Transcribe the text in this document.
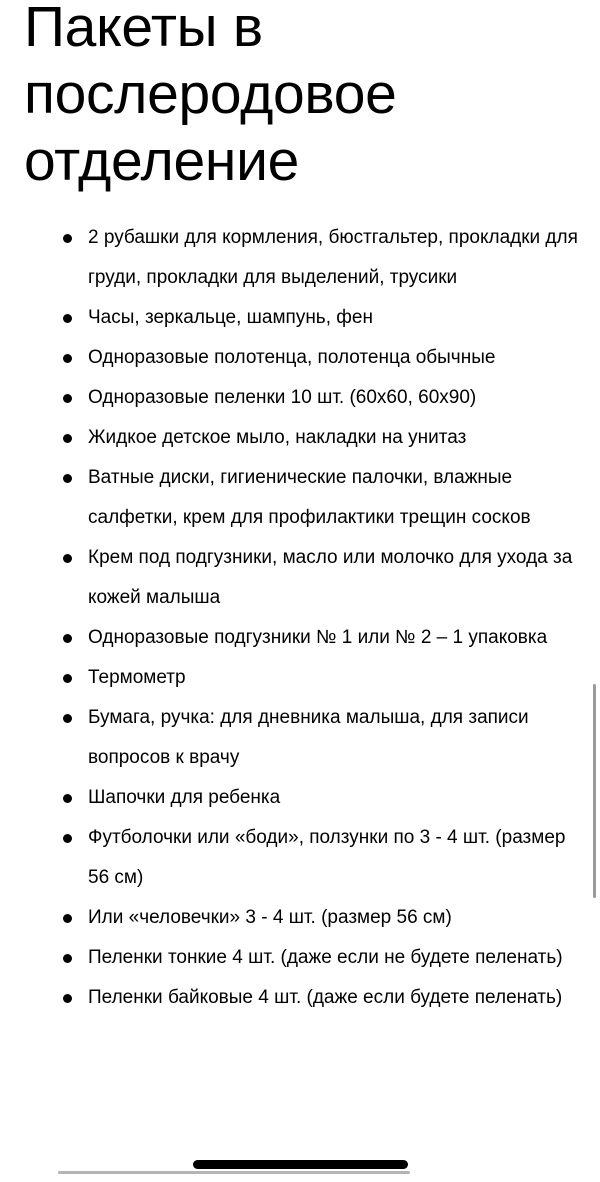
Пакеты в послеродовое отделение
2 рубашки для кормления, бюстгальтер, прокладки для груди, прокладки для выделений, трусики
Часы, зеркальце, шампунь, фен
Одноразовые полотенца, полотенца обычные
Одноразовые пеленки 10 шт. (60х60, 60х90)
Жидкое детское мыло, накладки на унитаз
Ватные диски, гигиенические палочки, влажные салфетки, крем для профилактики трещин сосков
Крем под подгузники, масло или молочко для ухода за кожей малыша
Одноразовые подгузники № 1 или № 2 – 1 упаковка
Термометр
Бумага, ручка: для дневника малыша, для записи вопросов к врачу
Шапочки для ребенка
Футболочки или «боди», ползунки по 3 - 4 шт. (размер 56 см)
Или «человечки» 3 - 4 шт. (размер 56 см)
Пеленки тонкие 4 шт. (даже если не будете пеленать)
Пеленки байковые 4 шт. (даже если будете пеленать)
